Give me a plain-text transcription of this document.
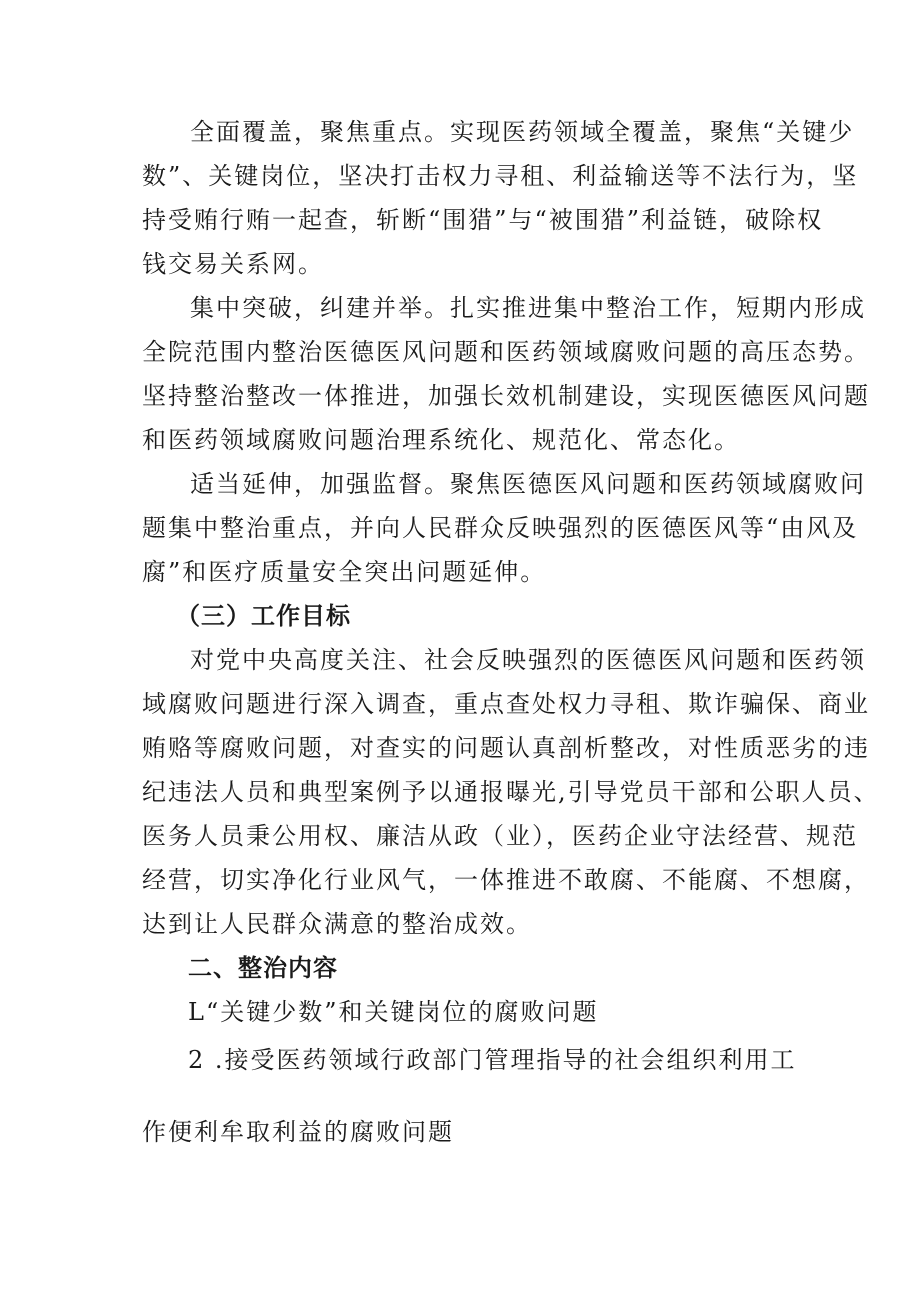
全面覆盖，聚焦重点。实现医药领域全覆盖，聚焦“关键少
数”、关键岗位，坚决打击权力寻租、利益输送等不法行为，坚
持受贿行贿一起查，斩断“围猎”与“被围猎”利益链，破除权
钱交易关系网。
集中突破，纠建并举。扎实推进集中整治工作，短期内形成
全院范围内整治医德医风问题和医药领域腐败问题的高压态势。
坚持整治整改一体推进，加强长效机制建设，实现医德医风问题
和医药领域腐败问题治理系统化、规范化、常态化。
适当延伸，加强监督。聚焦医德医风问题和医药领域腐败问
题集中整治重点，并向人民群众反映强烈的医德医风等“由风及
腐”和医疗质量安全突出问题延伸。
（三）工作目标
对党中央高度关注、社会反映强烈的医德医风问题和医药领
域腐败问题进行深入调查，重点查处权力寻租、欺诈骗保、商业
贿赂等腐败问题，对查实的问题认真剖析整改，对性质恶劣的违
纪违法人员和典型案例予以通报曝光,引导党员干部和公职人员、
医务人员秉公用权、廉洁从政（业），医药企业守法经营、规范
经营，切实净化行业风气，一体推进不敢腐、不能腐、不想腐，
达到让人民群众满意的整治成效。
二、整治内容
L“关键少数”和关键岗位的腐败问题
2 .接受医药领域行政部门管理指导的社会组织利用工
作便利牟取利益的腐败问题
